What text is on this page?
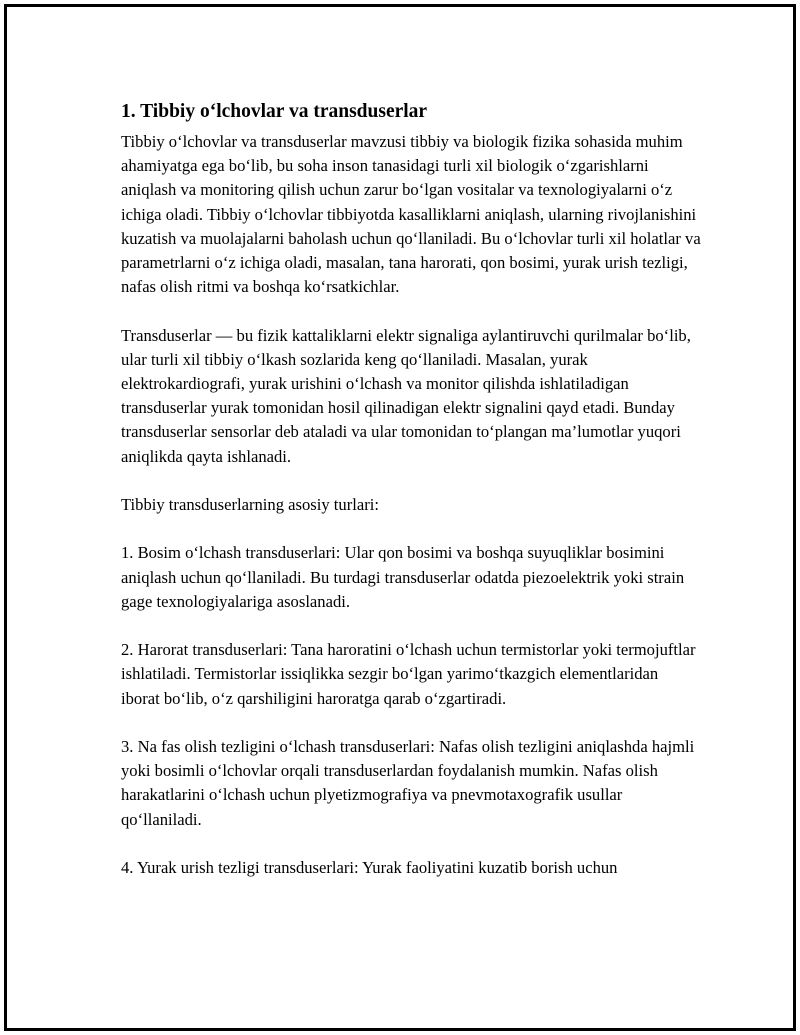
1. Tibbiy o‘lchovlar va transduserlar

Tibbiy o‘lchovlar va transduserlar mavzusi tibbiy va biologik fizika sohasida muhim ahamiyatga ega bo‘lib, bu soha inson tanasidagi turli xil biologik o‘zgarishlarni aniqlash va monitoring qilish uchun zarur bo‘lgan vositalar va texnologiyalarni o‘z ichiga oladi. Tibbiy o‘lchovlar tibbiyotda kasalliklarni aniqlash, ularning rivojlanishini kuzatish va muolajalarni baholash uchun qo‘llaniladi. Bu o‘lchovlar turli xil holatlar va parametrlarni o‘z ichiga oladi, masalan, tana harorati, qon bosimi, yurak urish tezligi, nafas olish ritmi va boshqa ko‘rsatkichlar.

Transduserlar — bu fizik kattaliklarni elektr signaliga aylantiruvchi qurilmalar bo‘lib, ular turli xil tibbiy o‘lkash sozlarida keng qo‘llaniladi. Masalan, yurak elektrokardiografi, yurak urishini o‘lchash va monitor qilishda ishlatiladigan transduserlar yurak tomonidan hosil qilinadigan elektr signalini qayd etadi. Bunday transduserlar sensorlar deb ataladi va ular tomonidan to‘plangan ma’lumotlar yuqori aniqlikda qayta ishlanadi.

Tibbiy transduserlarning asosiy turlari:

1. Bosim o‘lchash transduserlari: Ular qon bosimi va boshqa suyuqliklar bosimini aniqlash uchun qo‘llaniladi. Bu turdagi transduserlar odatda piezoelektrik yoki strain gage texnologiyalariga asoslanadi.

2. Harorat transduserlari: Tana haroratini o‘lchash uchun termistorlar yoki termojuftlar ishlatiladi. Termistorlar issiqlikka sezgir bo‘lgan yarimo‘tkazgich elementlaridan iborat bo‘lib, o‘z qarshiligini haroratga qarab o‘zgartiradi.

3. Na fas olish tezligini o‘lchash transduserlari: Nafas olish tezligini aniqlashda hajmli yoki bosimli o‘lchovlar orqali transduserlardan foydalanish mumkin. Nafas olish harakatlarini o‘lchash uchun plyetizmografiya va pnevmotaxografik usullar qo‘llaniladi.

4. Yurak urish tezligi transduserlari: Yurak faoliyatini kuzatib borish uchun
